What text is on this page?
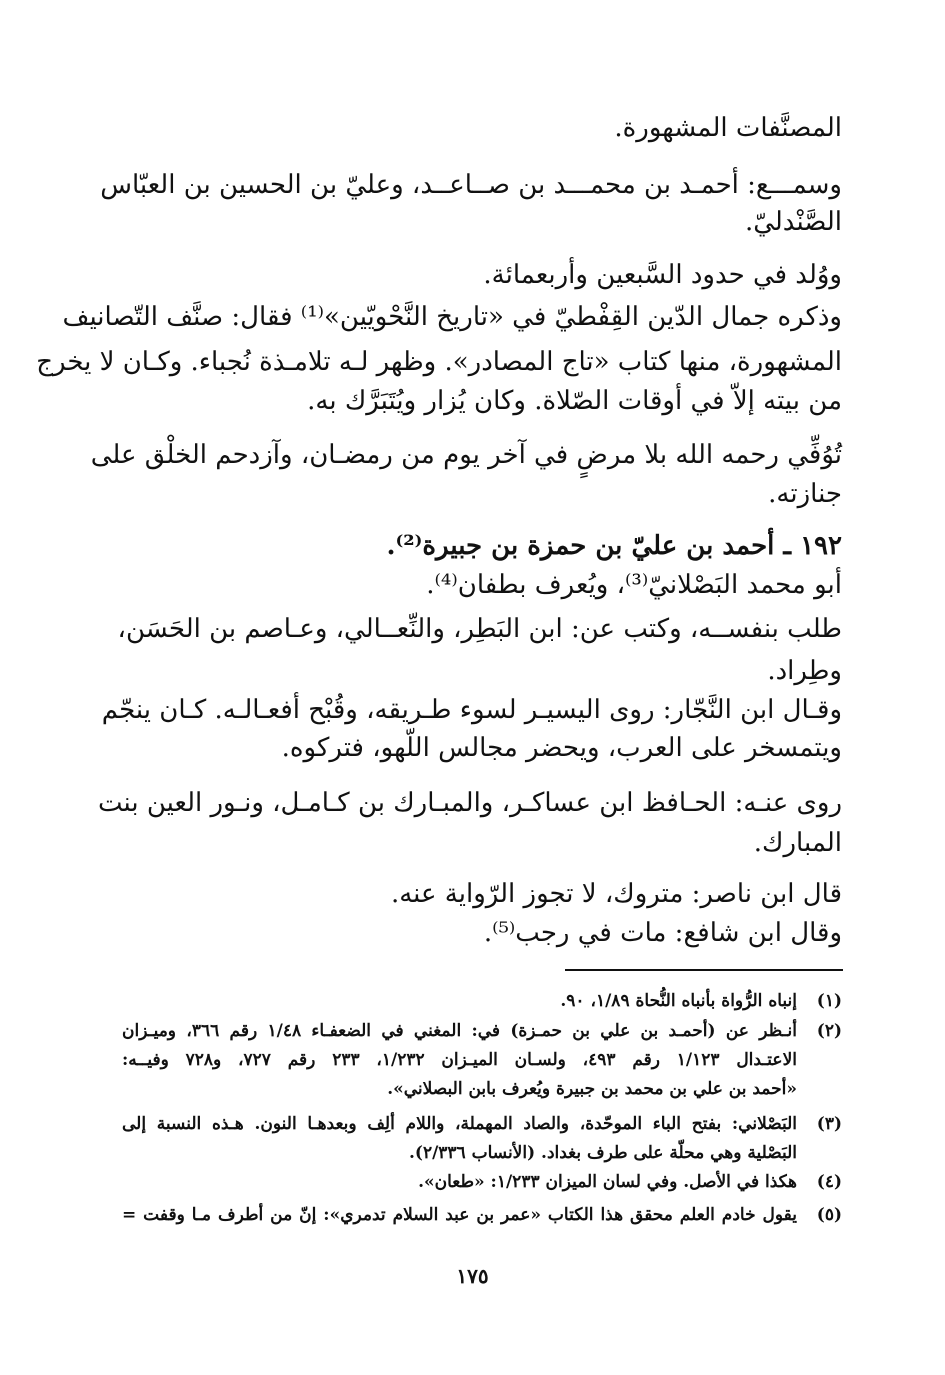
المصنَّفات المشهورة.

وسمـــع: أحمـد بن محمـــد بن صــاعــد، وعليّ بن الحسين بن العبّاس

الصَّنْدليّ.

ووُلد في حدود السَّبعين وأربعمائة.

وذكره جمال الدّين القِفْطيّ في «تاريخ النَّحْويّين»⁽¹⁾ فقال: صنَّف التّصانيف

المشهورة، منها كتاب «تاج المصادر». وظهر لـه تلامـذة نُجباء. وكـان لا يخرج

من بيته إلاّ في أوقات الصّلاة. وكان يُزار ويُتَبَرَّك به.

تُوُفِّي رحمه الله بلا مرضٍ في آخر يوم من رمضـان، وآزدحم الخلْق على

جنازته.

١٩٢ ـ أحمد بن عليّ بن حمزة بن جبيرة⁽²⁾.

أبو محمد البَصْلانيّ⁽³⁾، ويُعرف بطفان⁽⁴⁾.

طلب بنفســه، وكتب عن: ابن البَطِر، والنِّعــالي، وعـاصم بن الحَسَن،

وطِراد.

وقـال ابن النَّجّار: روى اليسيـر لسوء طـريقه، وقُبْح أفعـالـه. كـان ينجّم

ويتمسخر على العرب، ويحضر مجالس اللّهو، فتركوه.

روى عنـه: الحـافظ ابن عساكـر، والمبـارك بن كـامـل، ونـور العين بنت

المبارك.

قال ابن ناصر: متروك، لا تجوز الرّواية عنه.

وقال ابن شافع: مات في رجب⁽⁵⁾.

(١)
إنباه الرُّواة بأنباه النُّحاة ١/٨٩، ٩٠.
(٢)
أنـظر عن (أحمـد بن علي بن حمـزة) في: المغني في الضعفـاء ١/٤٨ رقم ٣٦٦، وميـزان

الاعتـدال ١/١٢٣ رقم ٤٩٣، ولسـان الميـزان ١/٢٣٢، ٢٣٣ رقم ٧٢٧، و٧٢٨ وفيــه:

«أحمد بن علي بن محمد بن جبيرة ويُعرف بابن البصلاني».

(٣)
البَصْلاني: بفتح الباء الموحّدة، والصاد المهملة، واللام ألِف وبعدهـا النون. هـذه النسبة إلى

البَصْلية وهي محلّة على طرف بغداد. (الأنساب ٢/٣٣٦).

(٤)
هكذا في الأصل. وفي لسان الميزان ١/٢٣٣: «طعان».
(٥)
يقول خادم العلم محقق هذا الكتاب «عمر بن عبد السلام تدمري»: إنّ من أطرف مـا وقفت =
١٧٥
